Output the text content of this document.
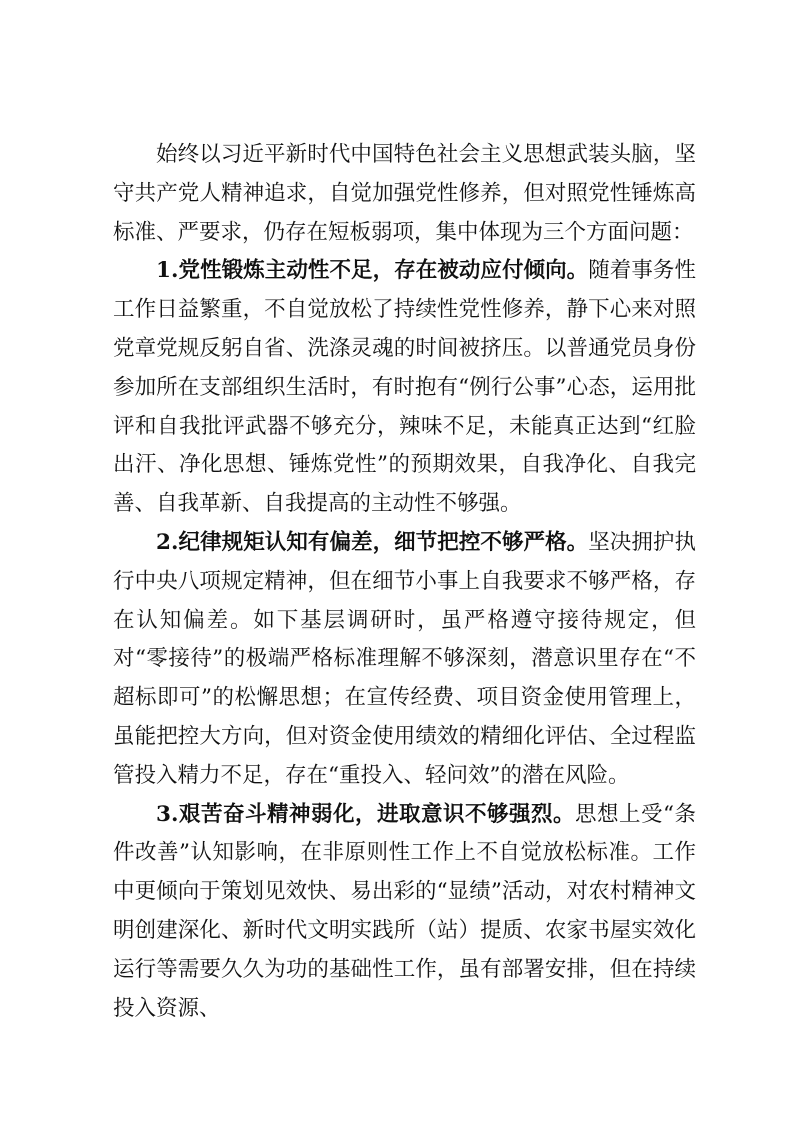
始终以习近平新时代中国特色社会主义思想武装头脑，坚守共产党人精神追求，自觉加强党性修养，但对照党性锤炼高标准、严要求，仍存在短板弱项，集中体现为三个方面问题：

1.党性锻炼主动性不足，存在被动应付倾向。随着事务性工作日益繁重，不自觉放松了持续性党性修养，静下心来对照党章党规反躬自省、洗涤灵魂的时间被挤压。以普通党员身份参加所在支部组织生活时，有时抱有“例行公事”心态，运用批评和自我批评武器不够充分，辣味不足，未能真正达到“红脸出汗、净化思想、锤炼党性”的预期效果，自我净化、自我完善、自我革新、自我提高的主动性不够强。

2.纪律规矩认知有偏差，细节把控不够严格。坚决拥护执行中央八项规定精神，但在细节小事上自我要求不够严格，存在认知偏差。如下基层调研时，虽严格遵守接待规定，但对“零接待”的极端严格标准理解不够深刻，潜意识里存在“不超标即可”的松懈思想；在宣传经费、项目资金使用管理上，虽能把控大方向，但对资金使用绩效的精细化评估、全过程监管投入精力不足，存在“重投入、轻问效”的潜在风险。

3.艰苦奋斗精神弱化，进取意识不够强烈。思想上受“条件改善”认知影响，在非原则性工作上不自觉放松标准。工作中更倾向于策划见效快、易出彩的“显绩”活动，对农村精神文明创建深化、新时代文明实践所（站）提质、农家书屋实效化运行等需要久久为功的基础性工作，虽有部署安排，但在持续投入资源、
